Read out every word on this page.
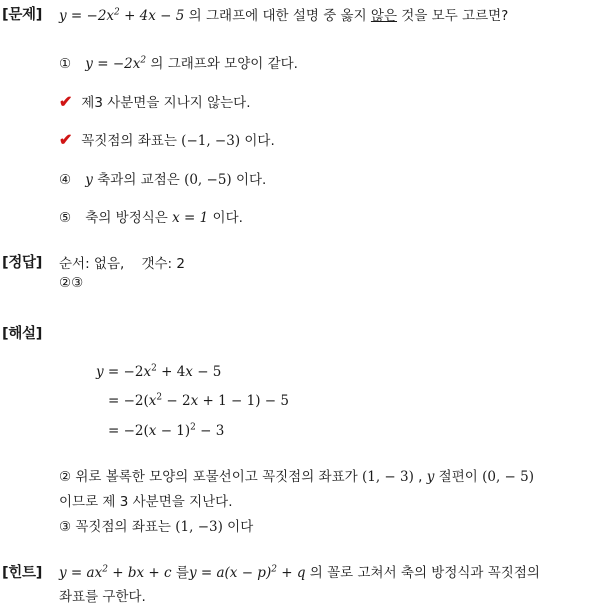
[문제] $y = -2x^2 + 4x - 5$ 의 그래프에 대한 설명 중 옳지 않은 것을 모두 고르면?
① $y = -2x^2$ 의 그래프와 모양이 같다.
✔ 제3 사분면을 지나지 않는다.
✔ 꼭짓점의 좌표는 (−1, −3) 이다.
④ y 축과의 교점은 (0, −5) 이다.
⑤ 축의 방정식은 x = 1 이다.
[정답] 순서: 없음,    갯수: 2
②③
[해설]
$y = -2x^2 + 4x - 5$
= $-2(x^2 - 2x + 1 - 1) - 5$
= $-2(x - 1)^2 - 3$
② 위로 볼록한 모양의 포물선이고 꼭짓점의 좌표가 (1, − 3) , y 절편이 (0, − 5)
이므로 제 3 사분면을 지난다.
③ 꼭짓점의 좌표는 (1, −3) 이다
[힌트] $y = ax^2$ + bx + c 를$y = a(x - p)^2 + q$ 의 꼴로 고쳐서 축의 방정식과 꼭짓점의
좌표를 구한다.
